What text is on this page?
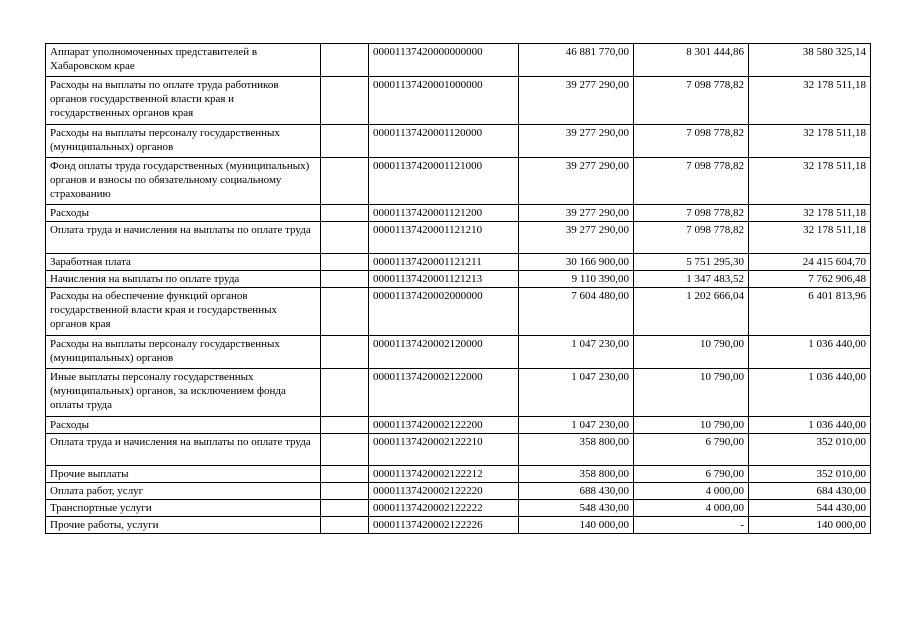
Аппарат уполномоченных представителей в Хабаровском крае		00001137420000000000	46 881 770,00	8 301 444,86	38 580 325,14
Расходы на выплаты по оплате труда работников органов государственной власти края и государственных органов края		00001137420001000000	39 277 290,00	7 098 778,82	32 178 511,18
Расходы на выплаты персоналу государственных (муниципальных) органов		00001137420001120000	39 277 290,00	7 098 778,82	32 178 511,18
Фонд оплаты труда государственных (муниципальных) органов и взносы по обязательному социальному страхованию		00001137420001121000	39 277 290,00	7 098 778,82	32 178 511,18
Расходы		00001137420001121200	39 277 290,00	7 098 778,82	32 178 511,18
Оплата труда и начисления на выплаты по оплате труда		00001137420001121210	39 277 290,00	7 098 778,82	32 178 511,18
Заработная плата		00001137420001121211	30 166 900,00	5 751 295,30	24 415 604,70
Начисления на выплаты по оплате труда		00001137420001121213	9 110 390,00	1 347 483,52	7 762 906,48
Расходы на обеспечение функций органов государственной власти края и государственных органов края		00001137420002000000	7 604 480,00	1 202 666,04	6 401 813,96
Расходы на выплаты персоналу государственных (муниципальных) органов		00001137420002120000	1 047 230,00	10 790,00	1 036 440,00
Иные выплаты персоналу государственных (муниципальных) органов, за исключением фонда оплаты труда		00001137420002122000	1 047 230,00	10 790,00	1 036 440,00
Расходы		00001137420002122200	1 047 230,00	10 790,00	1 036 440,00
Оплата труда и начисления на выплаты по оплате труда		00001137420002122210	358 800,00	6 790,00	352 010,00
Прочие выплаты		00001137420002122212	358 800,00	6 790,00	352 010,00
Оплата работ, услуг		00001137420002122220	688 430,00	4 000,00	684 430,00
Транспортные услуги		00001137420002122222	548 430,00	4 000,00	544 430,00
Прочие работы, услуги		00001137420002122226	140 000,00	-	140 000,00
